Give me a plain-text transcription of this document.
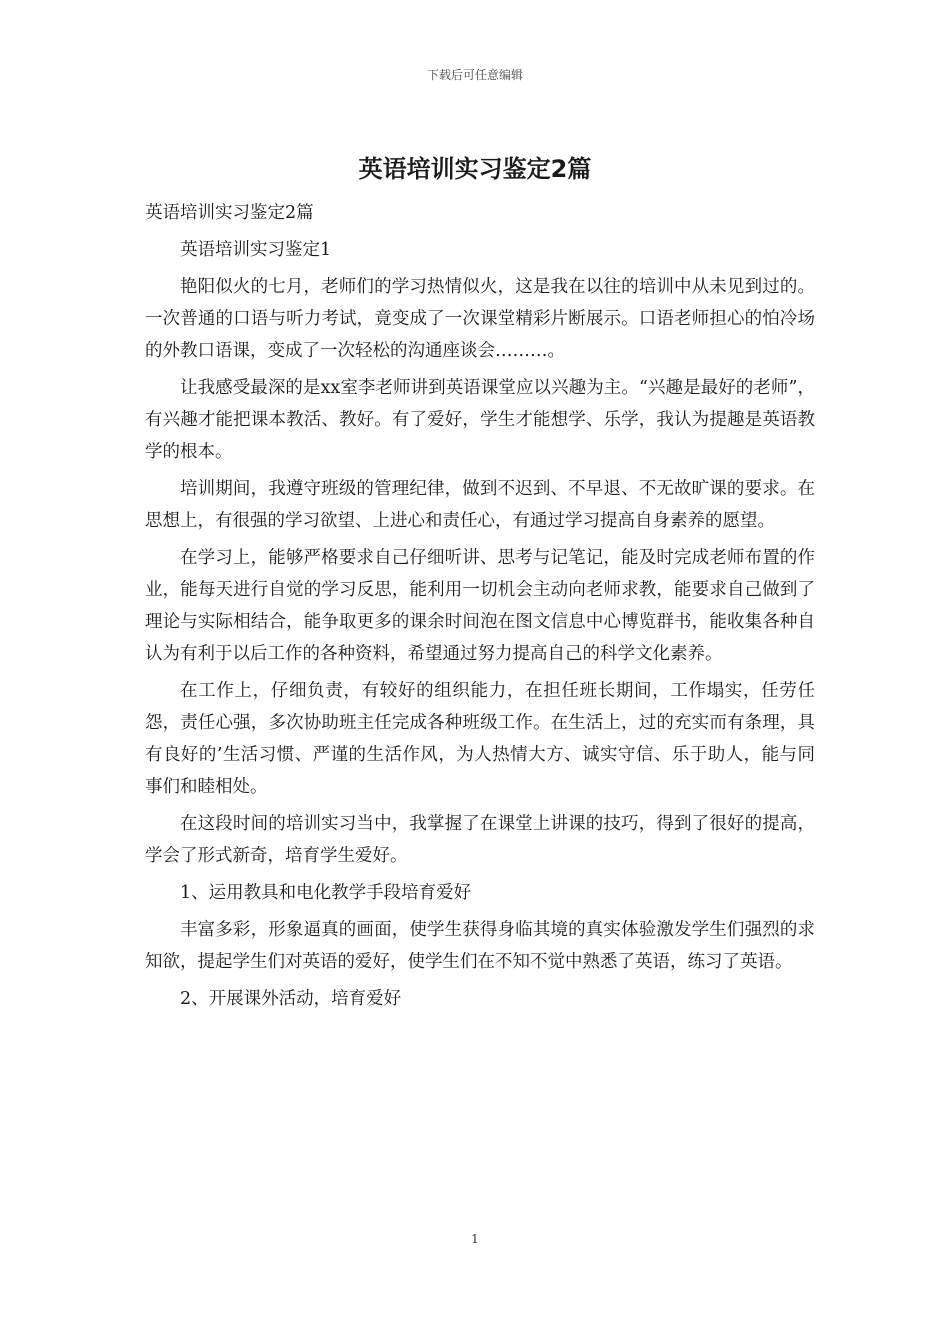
下载后可任意编辑
英语培训实习鉴定2篇

英语培训实习鉴定2篇

英语培训实习鉴定1

艳阳似火的七月，老师们的学习热情似火，这是我在以往的培训中从未见到过的。一次普通的口语与听力考试，竟变成了一次课堂精彩片断展示。口语老师担心的怕冷场的外教口语课，变成了一次轻松的沟通座谈会………。

让我感受最深的是xx室李老师讲到英语课堂应以兴趣为主。“兴趣是最好的老师”，有兴趣才能把课本教活、教好。有了爱好，学生才能想学、乐学，我认为提趣是英语教学的根本。

培训期间，我遵守班级的管理纪律，做到不迟到、不早退、不无故旷课的要求。在思想上，有很强的学习欲望、上进心和责任心，有通过学习提高自身素养的愿望。

在学习上，能够严格要求自己仔细听讲、思考与记笔记，能及时完成老师布置的作业，能每天进行自觉的学习反思，能利用一切机会主动向老师求教，能要求自己做到了理论与实际相结合，能争取更多的课余时间泡在图文信息中心博览群书，能收集各种自认为有利于以后工作的各种资料，希望通过努力提高自己的科学文化素养。

在工作上，仔细负责，有较好的组织能力，在担任班长期间，工作塌实，任劳任怨，责任心强，多次协助班主任完成各种班级工作。在生活上，过的充实而有条理，具有良好的’生活习惯、严谨的生活作风，为人热情大方、诚实守信、乐于助人，能与同事们和睦相处。

在这段时间的培训实习当中，我掌握了在课堂上讲课的技巧，得到了很好的提高，学会了形式新奇，培育学生爱好。

1、运用教具和电化教学手段培育爱好

丰富多彩，形象逼真的画面，使学生获得身临其境的真实体验激发学生们强烈的求知欲，提起学生们对英语的爱好，使学生们在不知不觉中熟悉了英语，练习了英语。

2、开展课外活动，培育爱好

1
